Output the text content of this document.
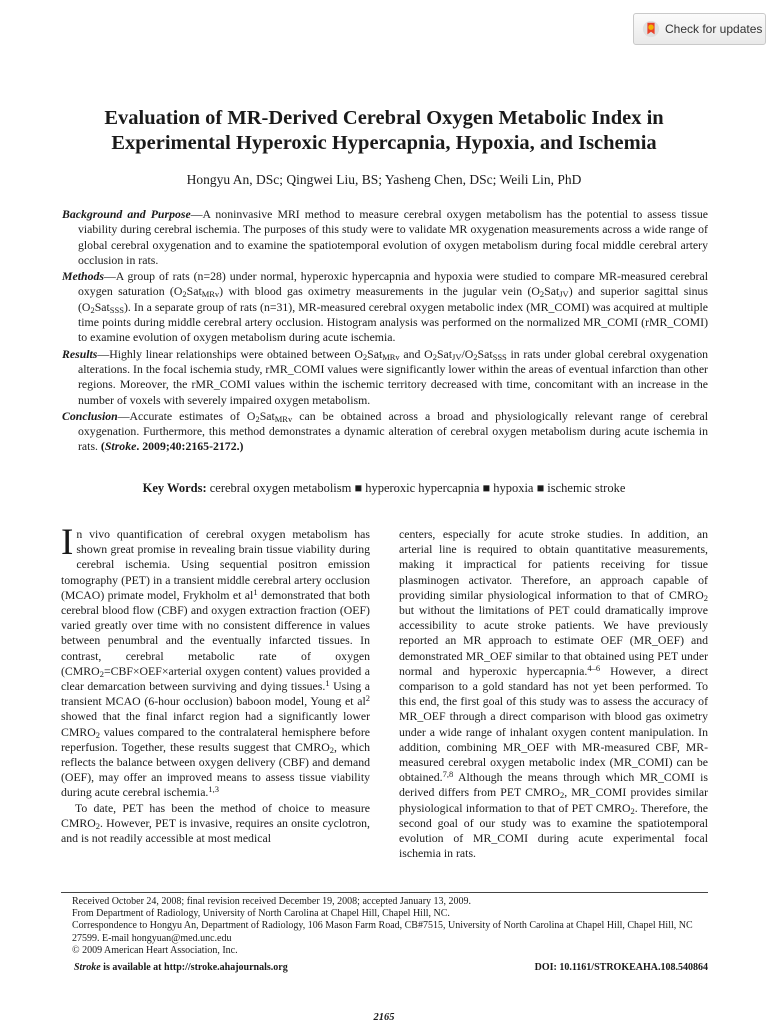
Check for updates
Evaluation of MR-Derived Cerebral Oxygen Metabolic Index in
Experimental Hyperoxic Hypercapnia, Hypoxia, and Ischemia
Hongyu An, DSc; Qingwei Liu, BS; Yasheng Chen, DSc; Weili Lin, PhD

Background and Purpose—A noninvasive MRI method to measure cerebral oxygen metabolism has the potential to assess tissue viability during cerebral ischemia. The purposes of this study were to validate MR oxygenation measurements across a wide range of global cerebral oxygenation and to examine the spatiotemporal evolution of oxygen metabolism during focal middle cerebral artery occlusion in rats.

Methods—A group of rats (n=28) under normal, hyperoxic hypercapnia and hypoxia were studied to compare MR-measured cerebral oxygen saturation $(O_2Sat_{MRv})$ with blood gas oximetry measurements in the jugular vein $(O_2Sat_{JV})$ and superior sagittal sinus $(O_2Sat_{SSS})$. In a separate group of rats (n=31), MR-measured cerebral oxygen metabolic index (MR_COMI) was acquired at multiple time points during middle cerebral artery occlusion. Histogram analysis was performed on the normalized MR_COMI (rMR_COMI) to examine evolution of oxygen metabolism during acute ischemia.

Results—Highly linear relationships were obtained between $O_2Sat_{MRv}$ and $O_2Sat_{JV}/O_2Sat_{SSS}$ in rats under global cerebral oxygenation alterations. In the focal ischemia study, rMR_COMI values were significantly lower within the areas of eventual infarction than other regions. Moreover, the rMR_COMI values within the ischemic territory decreased with time, concomitant with an increase in the number of voxels with severely impaired oxygen metabolism.

Conclusion—Accurate estimates of $O_2Sat_{MRv}$ can be obtained across a broad and physiologically relevant range of cerebral oxygenation. Furthermore, this method demonstrates a dynamic alteration of cerebral oxygen metabolism during acute ischemia in rats. (Stroke. 2009;40:2165-2172.)

Key Words: cerebral oxygen metabolism ■ hyperoxic hypercapnia ■ hypoxia ■ ischemic stroke

In vivo quantification of cerebral oxygen metabolism has shown great promise in revealing brain tissue viability during cerebral ischemia. Using sequential positron emission tomography (PET) in a transient middle cerebral artery occlusion (MCAO) primate model, Frykholm et $al^1$ demonstrated that both cerebral blood flow (CBF) and oxygen extraction fraction (OEF) varied greatly over time with no consistent difference in values between penumbral and the eventually infarcted tissues. In contrast, cerebral metabolic rate of oxygen ($CMRO_2=CBF\times OEF\times arterial$ oxygen content) values provided a clear demarcation between surviving and dying tissues.$^1$ Using a transient MCAO (6-hour occlusion) baboon model, Young et $al^2$ showed that the final infarct region had a significantly lower $CMRO_2$ values compared to the contralateral hemisphere before reperfusion. Together, these results suggest that $CMRO_2$, which reflects the balance between oxygen delivery (CBF) and demand (OEF), may offer an improved means to assess tissue viability during acute cerebral ischemia.$^{1,3}$

To date, PET has been the method of choice to measure $CMRO_2$. However, PET is invasive, requires an onsite cyclotron, and is not readily accessible at most medical

centers, especially for acute stroke studies. In addition, an arterial line is required to obtain quantitative measurements, making it impractical for patients receiving for tissue plasminogen activator. Therefore, an approach capable of providing similar physiological information to that of $CMRO_2$ but without the limitations of PET could dramatically improve accessibility to acute stroke patients. We have previously reported an MR approach to estimate OEF (MR_OEF) and demonstrated MR_OEF similar to that obtained using PET under normal and hyperoxic hypercapnia.$^{4-6}$ However, a direct comparison to a gold standard has not yet been performed. To this end, the first goal of this study was to assess the accuracy of MR_OEF through a direct comparison with blood gas oximetry under a wide range of inhalant oxygen content manipulation. In addition, combining MR_OEF with MR-measured CBF, MR-measured cerebral oxygen metabolic index (MR_COMI) can be obtained.$^{7,8}$ Although the means through which MR_COMI is derived differs from PET $CMRO_2$, MR_COMI provides similar physiological information to that of PET $CMRO_2$. Therefore, the second goal of our study was to examine the spatiotemporal evolution of MR_COMI during acute experimental focal ischemia in rats.

Received October 24, 2008; final revision received December 19, 2008; accepted January 13, 2009.

From Department of Radiology, University of North Carolina at Chapel Hill, Chapel Hill, NC.

Correspondence to Hongyu An, Department of Radiology, 106 Mason Farm Road, CB#7515, University of North Carolina at Chapel Hill, Chapel Hill, NC 27599. E-mail hongyuan@med.unc.edu

© 2009 American Heart Association, Inc.

Stroke is available at http://stroke.ahajournals.org	DOI: 10.1161/STROKEAHA.108.540864
2165
